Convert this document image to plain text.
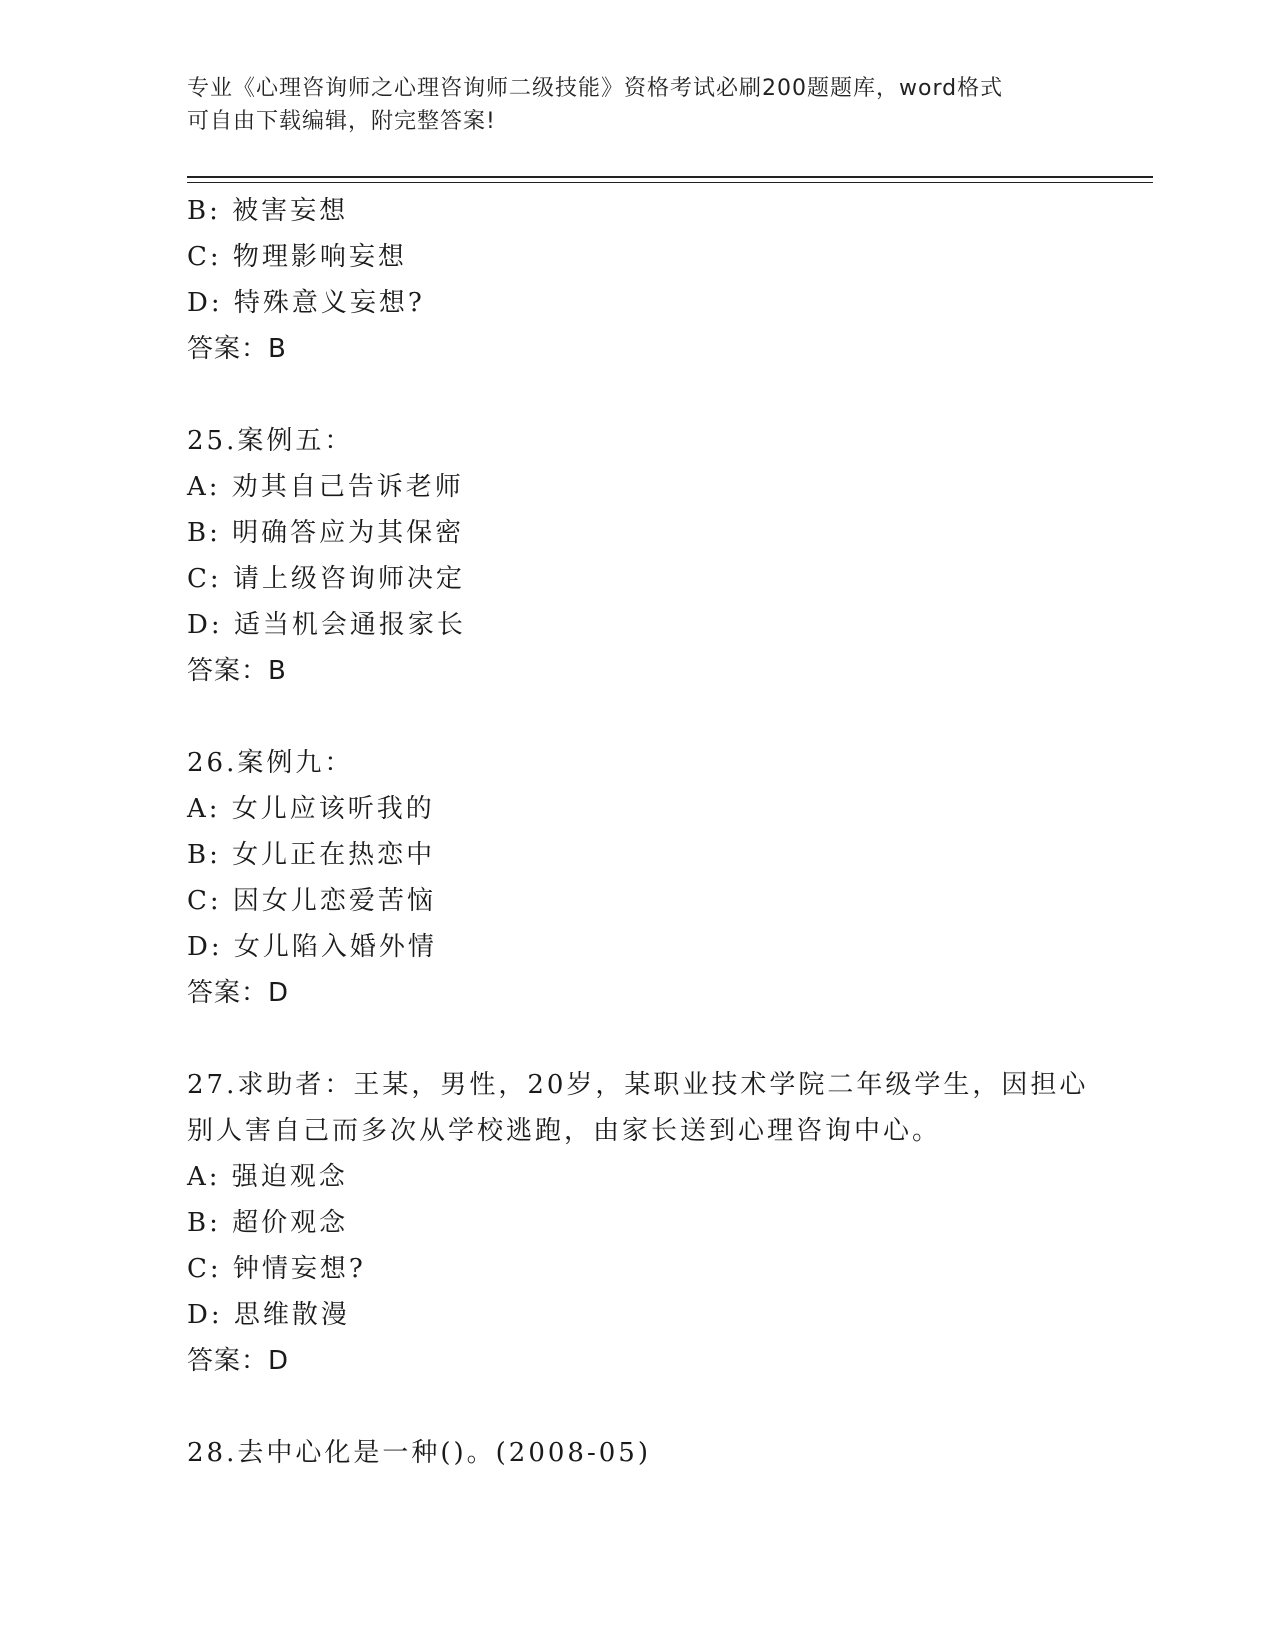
专业《心理咨询师之心理咨询师二级技能》资格考试必刷200题题库，word格式
可自由下载编辑，附完整答案!
B: 被害妄想
C: 物理影响妄想
D: 特殊意义妄想?
答案：B
25.案例五：
A: 劝其自己告诉老师
B: 明确答应为其保密
C: 请上级咨询师决定
D: 适当机会通报家长
答案：B
26.案例九：
A: 女儿应该听我的
B: 女儿正在热恋中
C: 因女儿恋爱苦恼
D: 女儿陷入婚外情
答案：D
27.求助者：王某，男性，20岁，某职业技术学院二年级学生，因担心
别人害自己而多次从学校逃跑，由家长送到心理咨询中心。
A: 强迫观念
B: 超价观念
C: 钟情妄想?
D: 思维散漫
答案：D
28.去中心化是一种()。(2008-05)
